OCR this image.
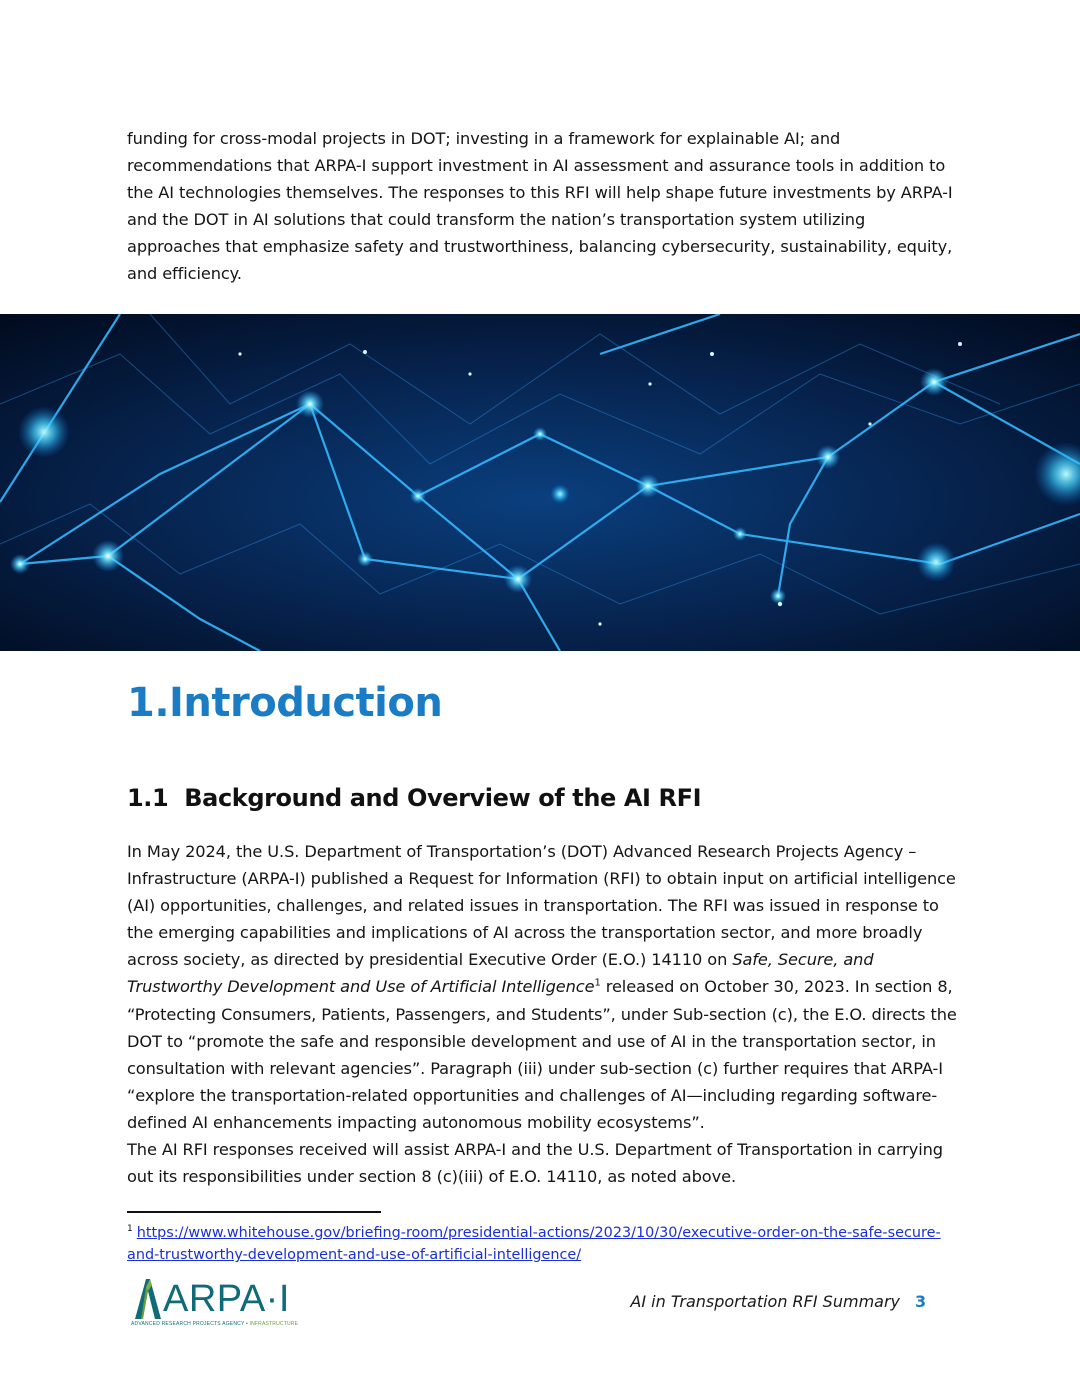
funding for cross-modal projects in DOT; investing in a framework for explainable AI; and recommendations that ARPA-I support investment in AI assessment and assurance tools in addition to the AI technologies themselves. The responses to this RFI will help shape future investments by ARPA-I and the DOT in AI solutions that could transform the nation’s transportation system utilizing approaches that emphasize safety and trustworthiness, balancing cybersecurity, sustainability, equity, and efficiency.
1.Introduction
1.1 Background and Overview of the AI RFI

In May 2024, the U.S. Department of Transportation’s (DOT) Advanced Research Projects Agency – Infrastructure (ARPA-I) published a Request for Information (RFI) to obtain input on artificial intelligence (AI) opportunities, challenges, and related issues in transportation. The RFI was issued in response to the emerging capabilities and implications of AI across the transportation sector, and more broadly across society, as directed by presidential Executive Order (E.O.) 14110 on Safe, Secure, and Trustworthy Development and Use of Artificial Intelligence$^1$ released on October 30, 2023. In section 8, “Protecting Consumers, Patients, Passengers, and Students”, under Sub-section (c), the E.O. directs the DOT to “promote the safe and responsible development and use of AI in the transportation sector, in consultation with relevant agencies”. Paragraph (iii) under sub-section (c) further requires that ARPA-I “explore the transportation-related opportunities and challenges of AI—including regarding software-defined AI enhancements impacting autonomous mobility ecosystems”.

The AI RFI responses received will assist ARPA-I and the U.S. Department of Transportation in carrying out its responsibilities under section 8 (c)(iii) of E.O. 14110, as noted above.

$^1$ https://www.whitehouse.gov/briefing-room/presidential-actions/2023/10/30/executive-order-on-the-safe-secure-and-trustworthy-development-and-use-of-artificial-intelligence/
ARPA·I
ADVANCED RESEARCH PROJECTS AGENCY • INFRASTRUCTURE
AI in Transportation RFI Summary 3
